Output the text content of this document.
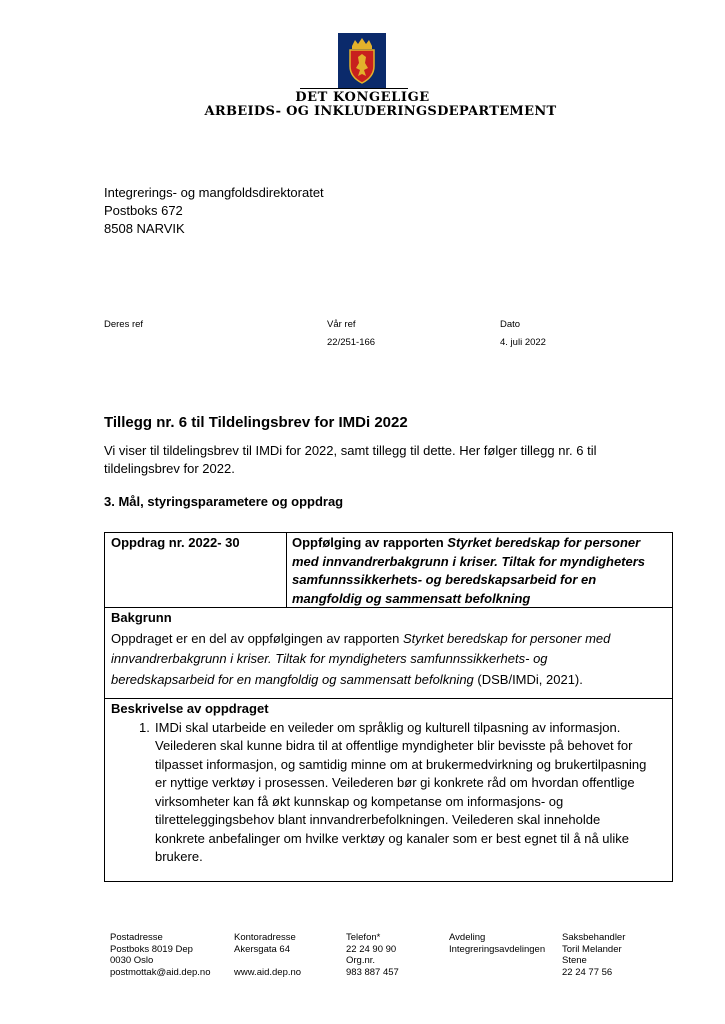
DET KONGELIGE
ARBEIDS- OG INKLUDERINGSDEPARTEMENT
Integrerings- og mangfoldsdirektoratet
Postboks 672
8508 NARVIK
Deres ref	Vår ref
22/251-166
Dato
4. juli 2022
Tillegg nr. 6 til Tildelingsbrev for IMDi 2022
Vi viser til tildelingsbrev til IMDi for 2022, samt tillegg til dette. Her følger tillegg nr. 6 til
tildelingsbrev for 2022.
3. Mål, styringsparametere og oppdrag
Oppdrag nr. 2022- 30	Oppfølging av rapporten Styrket beredskap for personer
med innvandrerbakgrunn i kriser. Tiltak for myndigheters
samfunnssikkerhets- og beredskapsarbeid for en
mangfoldig og sammensatt befolkning
Bakgrunn
Oppdraget er en del av oppfølgingen av rapporten Styrket beredskap for personer med
innvandrerbakgrunn i kriser. Tiltak for myndigheters samfunnssikkerhets- og
beredskapsarbeid for en mangfoldig og sammensatt befolkning (DSB/IMDi, 2021).
Beskrivelse av oppdraget
1. IMDi skal utarbeide en veileder om språklig og kulturell tilpasning av informasjon.
Veilederen skal kunne bidra til at offentlige myndigheter blir bevisste på behovet for
tilpasset informasjon, og samtidig minne om at brukermedvirkning og brukertilpasning
er nyttige verktøy i prosessen. Veilederen bør gi konkrete råd om hvordan offentlige
virksomheter kan få økt kunnskap og kompetanse om informasjons- og
tilretteleggingsbehov blant innvandrerbefolkningen. Veilederen skal inneholde
konkrete anbefalinger om hvilke verktøy og kanaler som er best egnet til å nå ulike
brukere.
Postadresse
Postboks 8019 Dep
0030 Oslo
postmottak@aid.dep.no
Kontoradresse
Akersgata 64

www.aid.dep.no
Telefon*
22 24 90 90
Org.nr.
983 887 457
Avdeling
Integreringsavdelingen
Saksbehandler
Toril Melander
Stene
22 24 77 56
